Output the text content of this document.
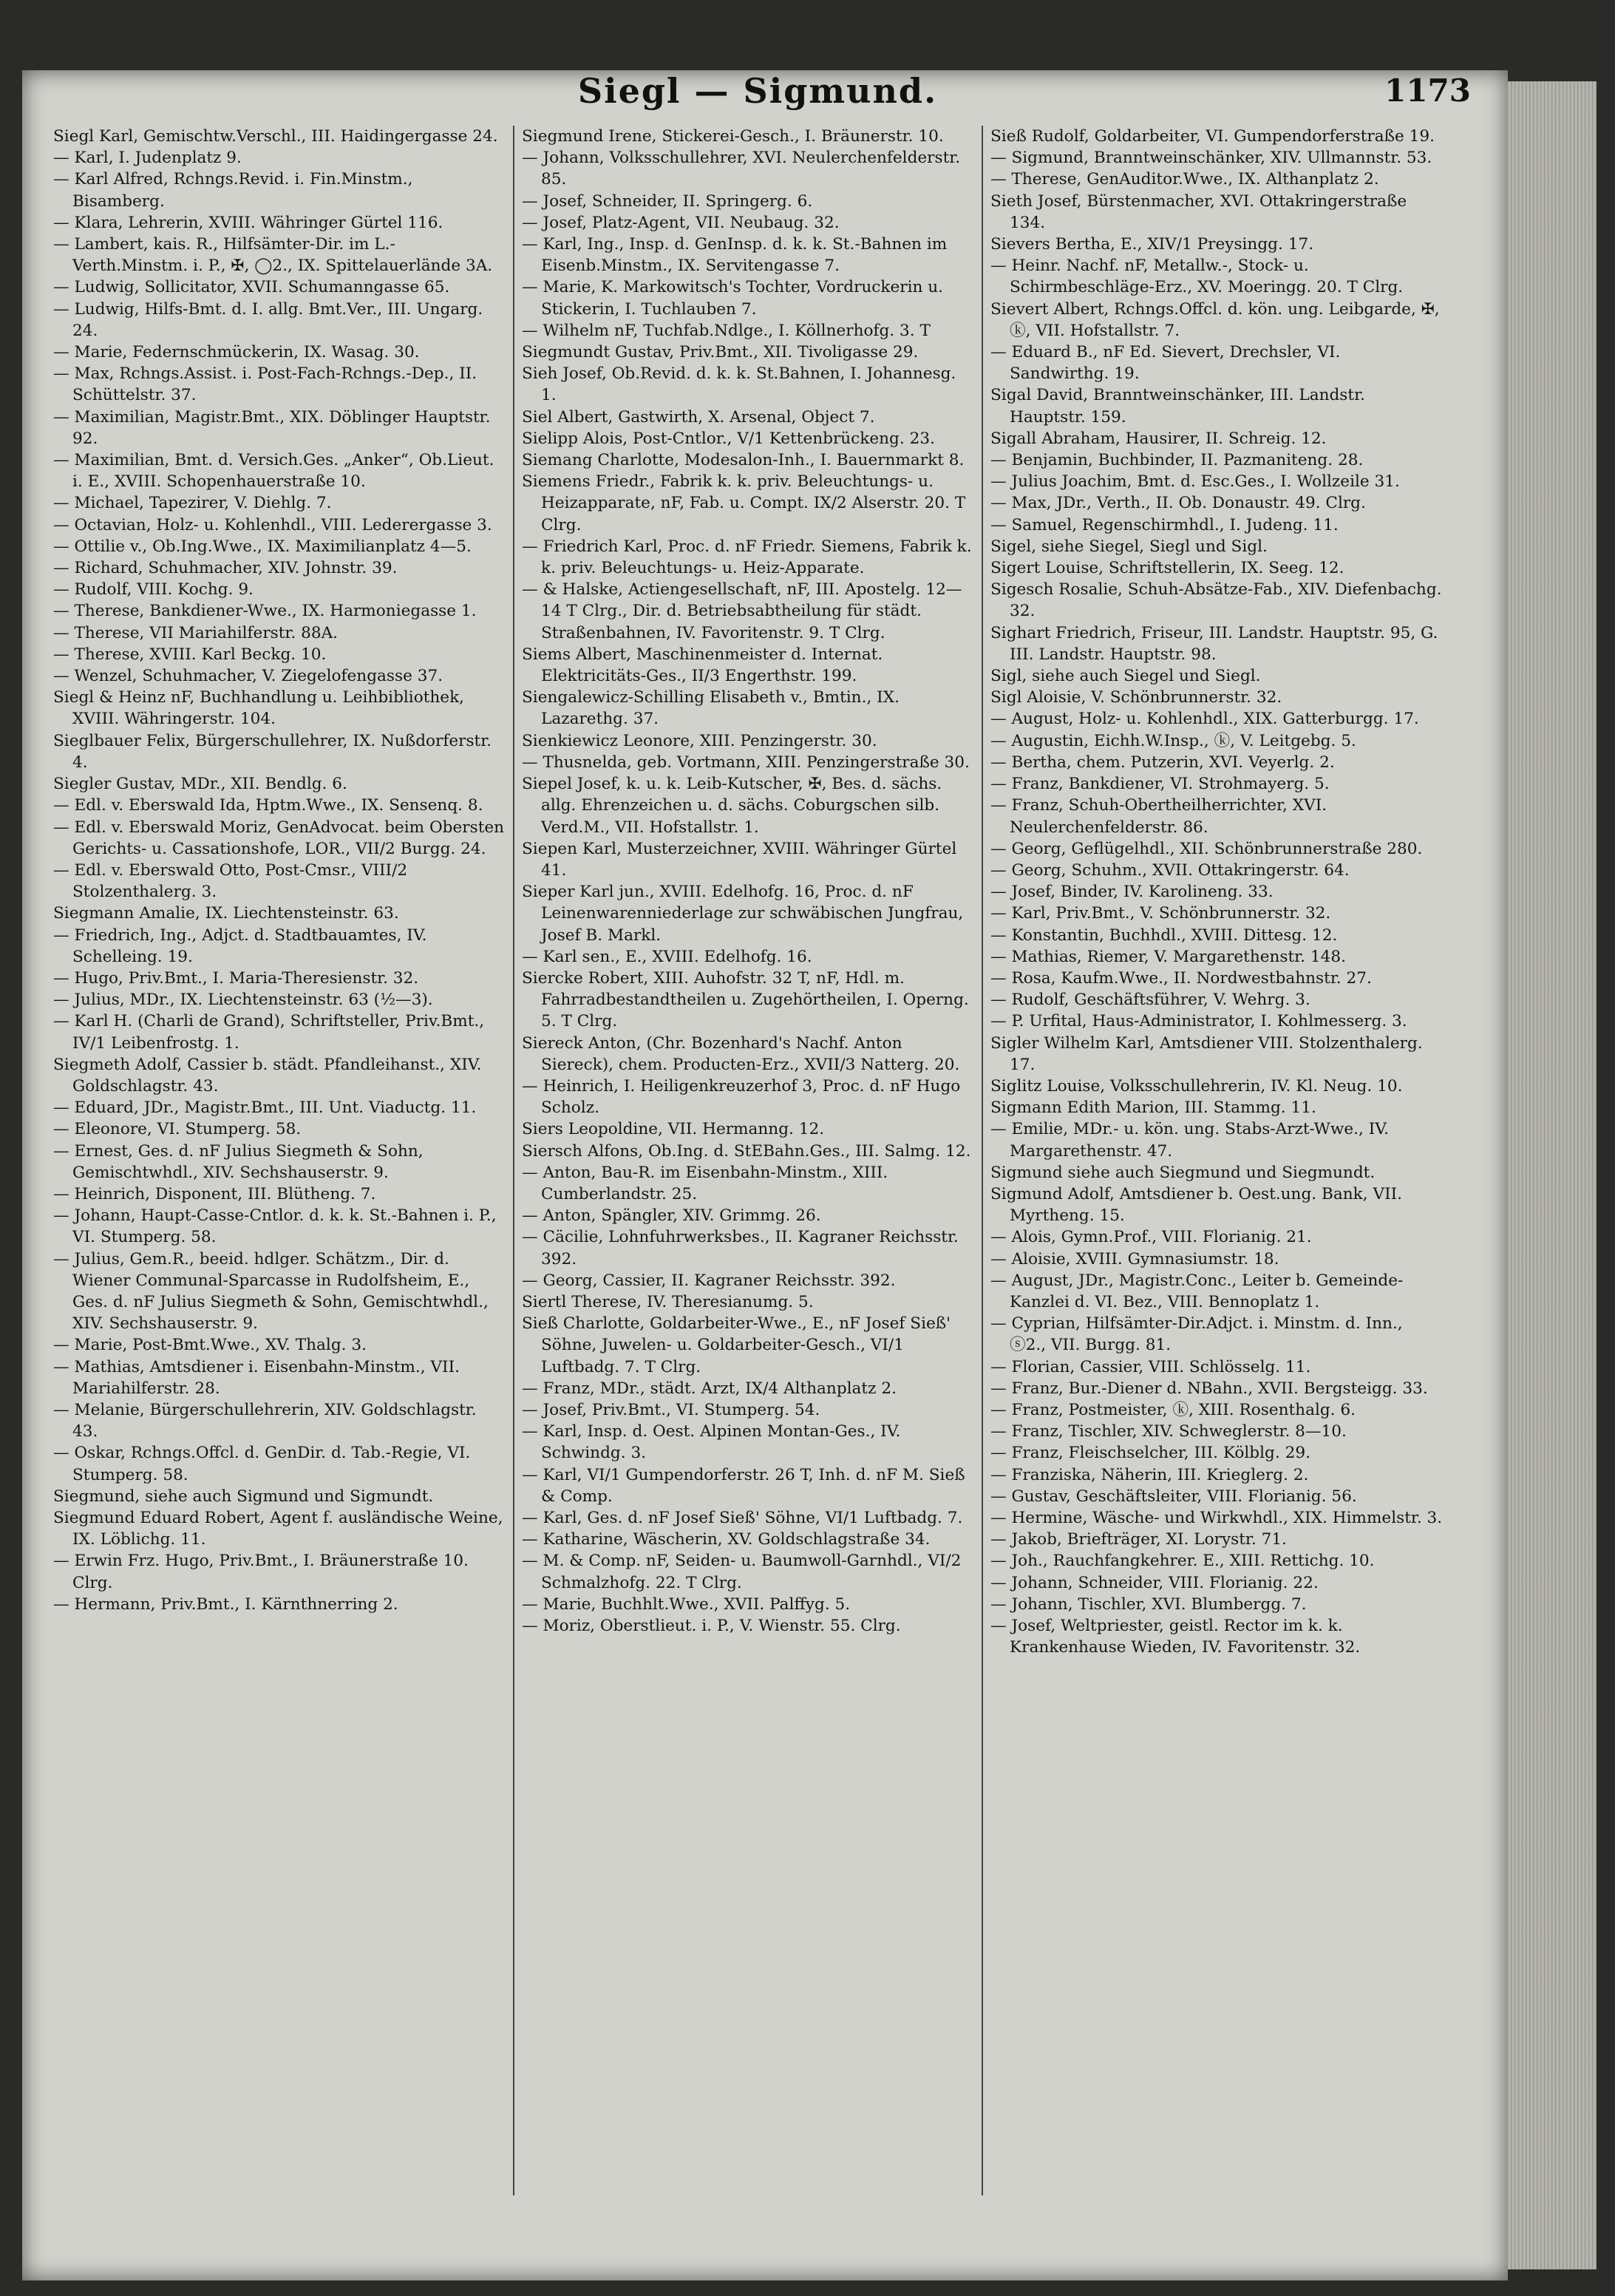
Siegl — Sigmund.	1173

Siegl Karl, Gemischtw.Verschl., III. Haidingergasse 24.

— Karl, I. Judenplatz 9.

— Karl Alfred, Rchngs.Revid. i. Fin.Minstm., Bisamberg.

— Klara, Lehrerin, XVIII. Währinger Gürtel 116.

— Lambert, kais. R., Hilfsämter-Dir. im L.-Verth.Minstm. i. P., ✠, ◯2., IX. Spittelauerlände 3A.

— Ludwig, Sollicitator, XVII. Schumanngasse 65.

— Ludwig, Hilfs-Bmt. d. I. allg. Bmt.Ver., III. Ungarg. 24.

— Marie, Federnschmückerin, IX. Wasag. 30.

— Max, Rchngs.Assist. i. Post-Fach-Rchngs.-Dep., II. Schüttelstr. 37.

— Maximilian, Magistr.Bmt., XIX. Döblinger Hauptstr. 92.

— Maximilian, Bmt. d. Versich.Ges. „Anker“, Ob.Lieut. i. E., XVIII. Schopenhauerstraße 10.

— Michael, Tapezirer, V. Diehlg. 7.

— Octavian, Holz- u. Kohlenhdl., VIII. Lederergasse 3.

— Ottilie v., Ob.Ing.Wwe., IX. Maximilianplatz 4—5.

— Richard, Schuhmacher, XIV. Johnstr. 39.

— Rudolf, VIII. Kochg. 9.

— Therese, Bankdiener-Wwe., IX. Harmoniegasse 1.

— Therese, VII Mariahilferstr. 88A.

— Therese, XVIII. Karl Beckg. 10.

— Wenzel, Schuhmacher, V. Ziegelofengasse 37.

Siegl & Heinz nF, Buchhandlung u. Leihbibliothek, XVIII. Währingerstr. 104.

Sieglbauer Felix, Bürgerschullehrer, IX. Nußdorferstr. 4.

Siegler Gustav, MDr., XII. Bendlg. 6.

— Edl. v. Eberswald Ida, Hptm.Wwe., IX. Sensenq. 8.

— Edl. v. Eberswald Moriz, GenAdvocat. beim Obersten Gerichts- u. Cassationshofe, LOR., VII/2 Burgg. 24.

— Edl. v. Eberswald Otto, Post-Cmsr., VIII/2 Stolzenthalerg. 3.

Siegmann Amalie, IX. Liechtensteinstr. 63.

— Friedrich, Ing., Adjct. d. Stadtbauamtes, IV. Schelleing. 19.

— Hugo, Priv.Bmt., I. Maria-Theresienstr. 32.

— Julius, MDr., IX. Liechtensteinstr. 63 (½—3).

— Karl H. (Charli de Grand), Schriftsteller, Priv.Bmt., IV/1 Leibenfrostg. 1.

Siegmeth Adolf, Cassier b. städt. Pfandleihanst., XIV. Goldschlagstr. 43.

— Eduard, JDr., Magistr.Bmt., III. Unt. Viaductg. 11.

— Eleonore, VI. Stumperg. 58.

— Ernest, Ges. d. nF Julius Siegmeth & Sohn, Gemischtwhdl., XIV. Sechshauserstr. 9.

— Heinrich, Disponent, III. Blütheng. 7.

— Johann, Haupt-Casse-Cntlor. d. k. k. St.-Bahnen i. P., VI. Stumperg. 58.

— Julius, Gem.R., beeid. hdlger. Schätzm., Dir. d. Wiener Communal-Sparcasse in Rudolfsheim, E., Ges. d. nF Julius Siegmeth & Sohn, Gemischtwhdl., XIV. Sechshauserstr. 9.

— Marie, Post-Bmt.Wwe., XV. Thalg. 3.

— Mathias, Amtsdiener i. Eisenbahn-Minstm., VII. Mariahilferstr. 28.

— Melanie, Bürgerschullehrerin, XIV. Goldschlagstr. 43.

— Oskar, Rchngs.Offcl. d. GenDir. d. Tab.-Regie, VI. Stumperg. 58.

Siegmund, siehe auch Sigmund und Sigmundt.

Siegmund Eduard Robert, Agent f. ausländische Weine, IX. Löblichg. 11.

— Erwin Frz. Hugo, Priv.Bmt., I. Bräunerstraße 10. Clrg.

— Hermann, Priv.Bmt., I. Kärnthnerring 2.

Siegmund Irene, Stickerei-Gesch., I. Bräunerstr. 10.

— Johann, Volksschullehrer, XVI. Neulerchenfelderstr. 85.

— Josef, Schneider, II. Springerg. 6.

— Josef, Platz-Agent, VII. Neubaug. 32.

— Karl, Ing., Insp. d. GenInsp. d. k. k. St.-Bahnen im Eisenb.Minstm., IX. Servitengasse 7.

— Marie, K. Markowitsch's Tochter, Vordruckerin u. Stickerin, I. Tuchlauben 7.

— Wilhelm nF, Tuchfab.Ndlge., I. Köllnerhofg. 3. T

Siegmundt Gustav, Priv.Bmt., XII. Tivoligasse 29.

Sieh Josef, Ob.Revid. d. k. k. St.Bahnen, I. Johannesg. 1.

Siel Albert, Gastwirth, X. Arsenal, Object 7.

Sielipp Alois, Post-Cntlor., V/1 Kettenbrückeng. 23.

Siemang Charlotte, Modesalon-Inh., I. Bauernmarkt 8.

Siemens Friedr., Fabrik k. k. priv. Beleuchtungs- u. Heizapparate, nF, Fab. u. Compt. IX/2 Alserstr. 20. T Clrg.

— Friedrich Karl, Proc. d. nF Friedr. Siemens, Fabrik k. k. priv. Beleuchtungs- u. Heiz-Apparate.

— & Halske, Actiengesellschaft, nF, III. Apostelg. 12—14 T Clrg., Dir. d. Betriebsabtheilung für städt. Straßenbahnen, IV. Favoritenstr. 9. T Clrg.

Siems Albert, Maschinenmeister d. Internat. Elektricitäts-Ges., II/3 Engerthstr. 199.

Siengalewicz-Schilling Elisabeth v., Bmtin., IX. Lazarethg. 37.

Sienkiewicz Leonore, XIII. Penzingerstr. 30.

— Thusnelda, geb. Vortmann, XIII. Penzingerstraße 30.

Siepel Josef, k. u. k. Leib-Kutscher, ✠, Bes. d. sächs. allg. Ehrenzeichen u. d. sächs. Coburgschen silb. Verd.M., VII. Hofstallstr. 1.

Siepen Karl, Musterzeichner, XVIII. Währinger Gürtel 41.

Sieper Karl jun., XVIII. Edelhofg. 16, Proc. d. nF Leinenwarenniederlage zur schwäbischen Jungfrau, Josef B. Markl.

— Karl sen., E., XVIII. Edelhofg. 16.

Siercke Robert, XIII. Auhofstr. 32 T, nF, Hdl. m. Fahrradbestandtheilen u. Zugehörtheilen, I. Operng. 5. T Clrg.

Siereck Anton, (Chr. Bozenhard's Nachf. Anton Siereck), chem. Producten-Erz., XVII/3 Natterg. 20.

— Heinrich, I. Heiligenkreuzerhof 3, Proc. d. nF Hugo Scholz.

Siers Leopoldine, VII. Hermanng. 12.

Siersch Alfons, Ob.Ing. d. StEBahn.Ges., III. Salmg. 12.

— Anton, Bau-R. im Eisenbahn-Minstm., XIII. Cumberlandstr. 25.

— Anton, Spängler, XIV. Grimmg. 26.

— Cäcilie, Lohnfuhrwerksbes., II. Kagraner Reichsstr. 392.

— Georg, Cassier, II. Kagraner Reichsstr. 392.

Siertl Therese, IV. Theresianumg. 5.

Sieß Charlotte, Goldarbeiter-Wwe., E., nF Josef Sieß' Söhne, Juwelen- u. Goldarbeiter-Gesch., VI/1 Luftbadg. 7. T Clrg.

— Franz, MDr., städt. Arzt, IX/4 Althanplatz 2.

— Josef, Priv.Bmt., VI. Stumperg. 54.

— Karl, Insp. d. Oest. Alpinen Montan-Ges., IV. Schwindg. 3.

— Karl, VI/1 Gumpendorferstr. 26 T, Inh. d. nF M. Sieß & Comp.

— Karl, Ges. d. nF Josef Sieß' Söhne, VI/1 Luftbadg. 7.

— Katharine, Wäscherin, XV. Goldschlagstraße 34.

— M. & Comp. nF, Seiden- u. Baumwoll-Garnhdl., VI/2 Schmalzhofg. 22. T Clrg.

— Marie, Buchhlt.Wwe., XVII. Palffyg. 5.

— Moriz, Oberstlieut. i. P., V. Wienstr. 55. Clrg.

Sieß Rudolf, Goldarbeiter, VI. Gumpendorferstraße 19.

— Sigmund, Branntweinschänker, XIV. Ullmannstr. 53.

— Therese, GenAuditor.Wwe., IX. Althanplatz 2.

Sieth Josef, Bürstenmacher, XVI. Ottakringerstraße 134.

Sievers Bertha, E., XIV/1 Preysingg. 17.

— Heinr. Nachf. nF, Metallw.-, Stock- u. Schirmbeschläge-Erz., XV. Moeringg. 20. T Clrg.

Sievert Albert, Rchngs.Offcl. d. kön. ung. Leibgarde, ✠, ⓚ, VII. Hofstallstr. 7.

— Eduard B., nF Ed. Sievert, Drechsler, VI. Sandwirthg. 19.

Sigal David, Branntweinschänker, III. Landstr. Hauptstr. 159.

Sigall Abraham, Hausirer, II. Schreig. 12.

— Benjamin, Buchbinder, II. Pazmaniteng. 28.

— Julius Joachim, Bmt. d. Esc.Ges., I. Wollzeile 31.

— Max, JDr., Verth., II. Ob. Donaustr. 49. Clrg.

— Samuel, Regenschirmhdl., I. Judeng. 11.

Sigel, siehe Siegel, Siegl und Sigl.

Sigert Louise, Schriftstellerin, IX. Seeg. 12.

Sigesch Rosalie, Schuh-Absätze-Fab., XIV. Diefenbachg. 32.

Sighart Friedrich, Friseur, III. Landstr. Hauptstr. 95, G. III. Landstr. Hauptstr. 98.

Sigl, siehe auch Siegel und Siegl.

Sigl Aloisie, V. Schönbrunnerstr. 32.

— August, Holz- u. Kohlenhdl., XIX. Gatterburgg. 17.

— Augustin, Eichh.W.Insp., ⓚ, V. Leitgebg. 5.

— Bertha, chem. Putzerin, XVI. Veyerlg. 2.

— Franz, Bankdiener, VI. Strohmayerg. 5.

— Franz, Schuh-Obertheilherrichter, XVI. Neulerchenfelderstr. 86.

— Georg, Geflügelhdl., XII. Schönbrunnerstraße 280.

— Georg, Schuhm., XVII. Ottakringerstr. 64.

— Josef, Binder, IV. Karolineng. 33.

— Karl, Priv.Bmt., V. Schönbrunnerstr. 32.

— Konstantin, Buchhdl., XVIII. Dittesg. 12.

— Mathias, Riemer, V. Margarethenstr. 148.

— Rosa, Kaufm.Wwe., II. Nordwestbahnstr. 27.

— Rudolf, Geschäftsführer, V. Wehrg. 3.

— P. Urfital, Haus-Administrator, I. Kohlmesserg. 3.

Sigler Wilhelm Karl, Amtsdiener VIII. Stolzenthalerg. 17.

Siglitz Louise, Volksschullehrerin, IV. Kl. Neug. 10.

Sigmann Edith Marion, III. Stammg. 11.

— Emilie, MDr.- u. kön. ung. Stabs-Arzt-Wwe., IV. Margarethenstr. 47.

Sigmund siehe auch Siegmund und Siegmundt.

Sigmund Adolf, Amtsdiener b. Oest.ung. Bank, VII. Myrtheng. 15.

— Alois, Gymn.Prof., VIII. Florianig. 21.

— Aloisie, XVIII. Gymnasiumstr. 18.

— August, JDr., Magistr.Conc., Leiter b. Gemeinde-Kanzlei d. VI. Bez., VIII. Bennoplatz 1.

— Cyprian, Hilfsämter-Dir.Adjct. i. Minstm. d. Inn., ⓢ2., VII. Burgg. 81.

— Florian, Cassier, VIII. Schlösselg. 11.

— Franz, Bur.-Diener d. NBahn., XVII. Bergsteigg. 33.

— Franz, Postmeister, ⓚ, XIII. Rosenthalg. 6.

— Franz, Tischler, XIV. Schweglerstr. 8—10.

— Franz, Fleischselcher, III. Kölblg. 29.

— Franziska, Näherin, III. Krieglerg. 2.

— Gustav, Geschäftsleiter, VIII. Florianig. 56.

— Hermine, Wäsche- und Wirkwhdl., XIX. Himmelstr. 3.

— Jakob, Briefträger, XI. Lorystr. 71.

— Joh., Rauchfangkehrer. E., XIII. Rettichg. 10.

— Johann, Schneider, VIII. Florianig. 22.

— Johann, Tischler, XVI. Blumbergg. 7.

— Josef, Weltpriester, geistl. Rector im k. k. Krankenhause Wieden, IV. Favoritenstr. 32.
